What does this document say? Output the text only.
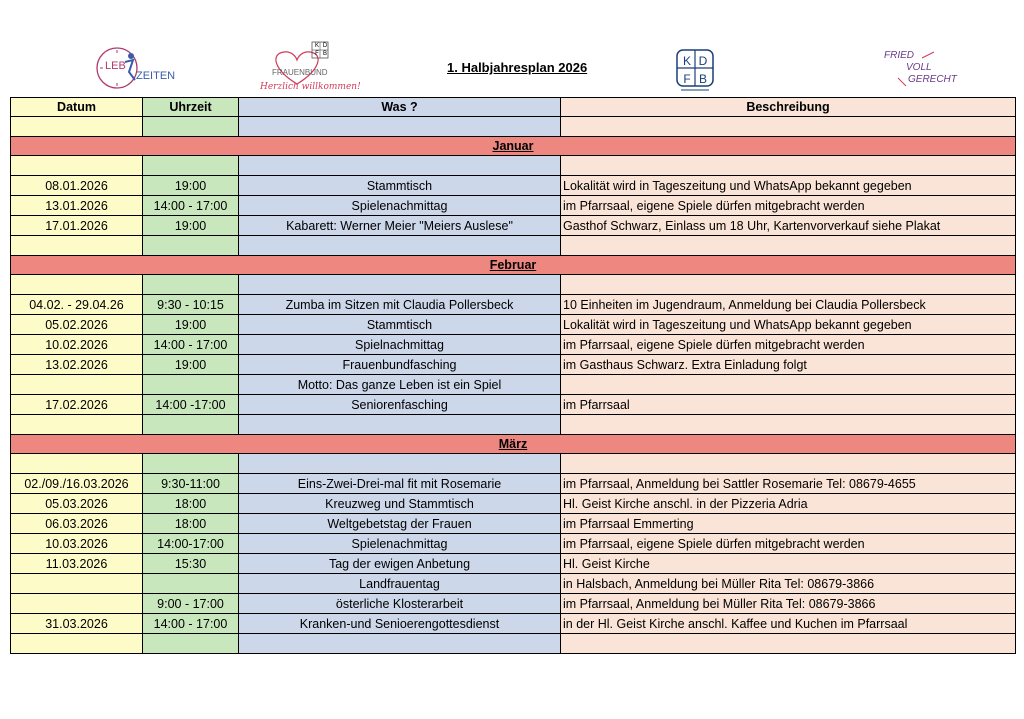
LEB
ZEITEN
K D
F B
FRAUENBUND
Herzlich willkommen!
1. Halbjahresplan 2026	K D
F B
FRIED
VOLL
GERECHT
Datum	Uhrzeit	Was ?	Beschreibung

Januar			

08.01.2026	19:00	Stammtisch	Lokalität wird in Tageszeitung und WhatsApp bekannt gegeben
13.01.2026	14:00 - 17:00	Spielenachmittag	im Pfarrsaal, eigene Spiele dürfen mitgebracht werden
17.01.2026	19:00	Kabarett: Werner Meier "Meiers Auslese"	Gasthof Schwarz, Einlass um 18 Uhr, Kartenvorverkauf siehe Plakat

Februar			

04.02. - 29.04.26	9:30 - 10:15	Zumba im Sitzen mit Claudia Pollersbeck	10 Einheiten im Jugendraum, Anmeldung bei Claudia Pollersbeck
05.02.2026	19:00	Stammtisch	Lokalität wird in Tageszeitung und WhatsApp bekannt gegeben
10.02.2026	14:00 - 17:00	Spielnachmittag	im Pfarrsaal, eigene Spiele dürfen mitgebracht werden
13.02.2026	19:00	Frauenbundfasching	im Gasthaus Schwarz. Extra Einladung folgt
		Motto: Das ganze Leben ist ein Spiel	
17.02.2026	14:00 -17:00	Seniorenfasching	im Pfarrsaal

März			

02./09./16.03.2026	9:30-11:00	Eins-Zwei-Drei-mal fit mit Rosemarie	im Pfarrsaal, Anmeldung bei Sattler Rosemarie Tel: 08679-4655
05.03.2026	18:00	Kreuzweg und Stammtisch	Hl. Geist Kirche anschl. in der Pizzeria Adria
06.03.2026	18:00	Weltgebetstag der Frauen	im Pfarrsaal Emmerting
10.03.2026	14:00-17:00	Spielenachmittag	im Pfarrsaal, eigene Spiele dürfen mitgebracht werden
11.03.2026	15:30	Tag der ewigen Anbetung	Hl. Geist Kirche
		Landfrauentag	in Halsbach, Anmeldung bei Müller Rita Tel: 08679-3866
	9:00 - 17:00	österliche Klosterarbeit	im Pfarrsaal, Anmeldung bei Müller Rita Tel: 08679-3866
31.03.2026	14:00 - 17:00	Kranken-und Senioerengottesdienst	in der Hl. Geist Kirche anschl. Kaffee und Kuchen im Pfarrsaal
